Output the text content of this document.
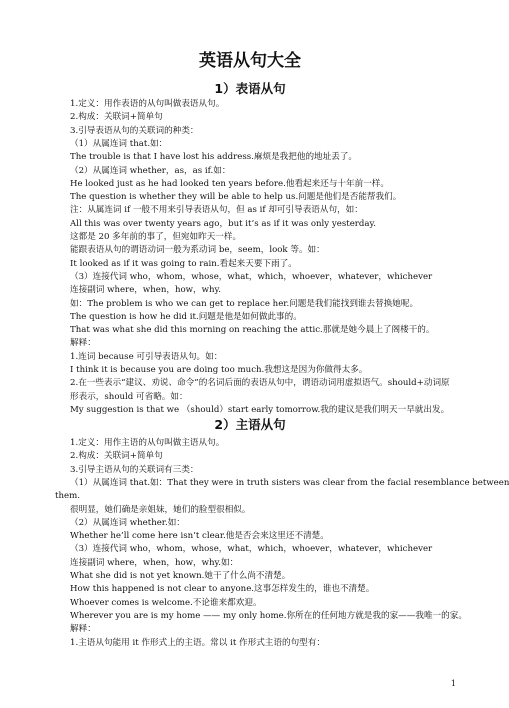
英语从句大全
1）表语从句
1.定义：用作表语的从句叫做表语从句。
2.构成：关联词+简单句
3.引导表语从句的关联词的种类：
（1）从属连词 that.如：
The trouble is that I have lost his address.麻烦是我把他的地址丢了。
（2）从属连词 whether，as，as if.如：
He looked just as he had looked ten years before.他看起来还与十年前一样。
The question is whether they will be able to help us.问题是他们是否能帮我们。
注：从属连词 if 一般不用来引导表语从句，但 as if 却可引导表语从句，如：
All this was over twenty years ago，but it’s as if it was only yesterday.
这都是 20 多年前的事了，但宛如昨天一样。
能跟表语从句的谓语动词一般为系动词 be，seem，look 等。如：
It looked as if it was going to rain.看起来天要下雨了。
（3）连接代词 who，whom，whose，what，which，whoever，whatever，whichever
连接副词 where，when，how，why.
如：The problem is who we can get to replace her.问题是我们能找到谁去替换她呢。
The question is how he did it.问题是他是如何做此事的。
That was what she did this morning on reaching the attic.那就是她今晨上了阁楼干的。
解释：
1.连词 because 可引导表语从句。如：
I think it is because you are doing too much.我想这是因为你做得太多。
2.在一些表示“建议、劝说、命令”的名词后面的表语从句中，谓语动词用虚拟语气。should+动词原
形表示，should 可省略。如：
My suggestion is that we （should）start early tomorrow.我的建议是我们明天一早就出发。
2）主语从句
1.定义：用作主语的从句叫做主语从句。
2.构成：关联词+简单句
3.引导主语从句的关联词有三类：
（1）从属连词 that.如：That they were in truth sisters was clear from the facial resemblance between
them.
很明显，她们确是亲姐妹，她们的脸型很相似。
（2）从属连词 whether.如：
Whether he’ll come here isn’t clear.他是否会来这里还不清楚。
（3）连接代词 who，whom，whose，what，which，whoever，whatever，whichever
连接副词 where，when，how，why.如：
What she did is not yet known.她干了什么尚不清楚。
How this happened is not clear to anyone.这事怎样发生的，谁也不清楚。
Whoever comes is welcome.不论谁来都欢迎。
Wherever you are is my home —— my only home.你所在的任何地方就是我的家——我唯一的家。
解释：
1.主语从句能用 it 作形式上的主语。常以 it 作形式主语的句型有：
1
